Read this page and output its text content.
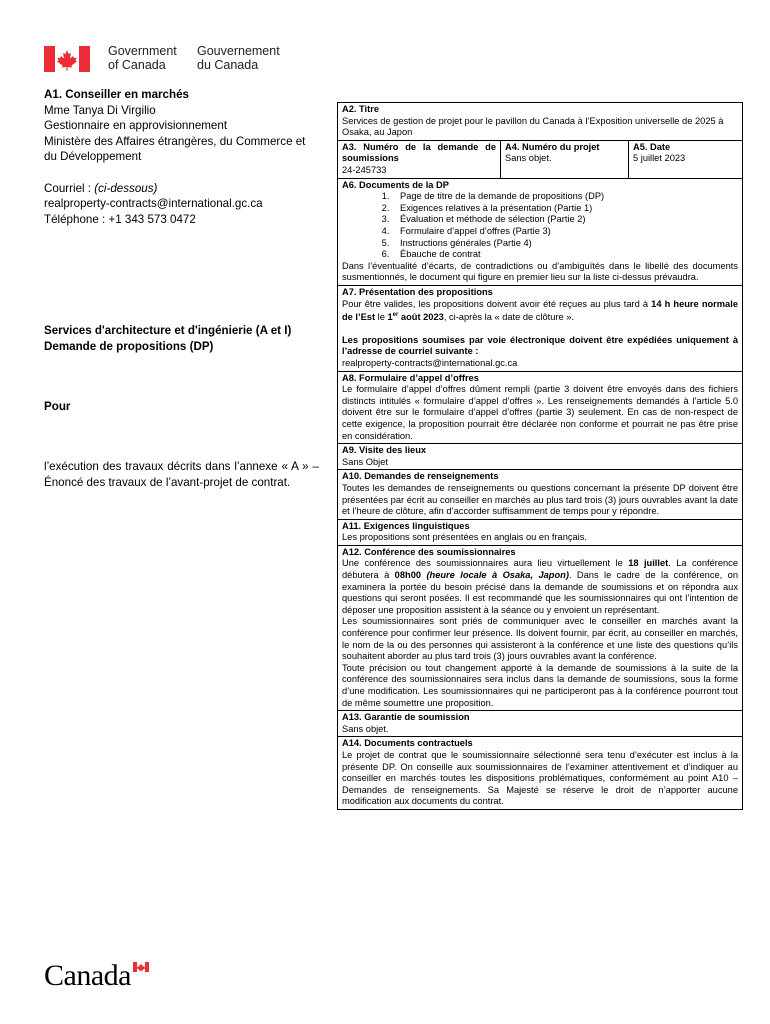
Government
of Canada
Gouvernement
du Canada

A1. Conseiller en marchés

Mme Tanya Di Virgilio

Gestionnaire en approvisionnement

Ministère des Affaires étrangères, du Commerce et du Développement

Courriel : (ci-dessous)

realproperty-contracts@international.gc.ca

Téléphone : +1 343 573 0472

Services d'architecture et d'ingénierie (A et I)

Demande de propositions (DP)

Pour

l’exécution des travaux décrits dans l’annexe « A » – Énoncé des travaux de l’avant-projet de contrat.

A2. Titre
Services de gestion de projet pour le pavillon du Canada à l’Exposition universelle de 2025 à Osaka, au Japon
A3. Numéro de la demande de soumissions
24-245733
A4. Numéro du projet
Sans objet.
A5. Date
5 juillet 2023
A6. Documents de la DP
1. Page de titre de la demande de propositions (DP)
2. Exigences relatives à la présentation (Partie 1)
3. Évaluation et méthode de sélection (Partie 2)
4. Formulaire d’appel d’offres (Partie 3)
5. Instructions générales (Partie 4)
6. Ébauche de contrat
Dans l’éventualité d’écarts, de contradictions ou d’ambiguïtés dans le libellé des documents susmentionnés, le document qui figure en premier lieu sur la liste ci-dessus prévaudra.
A7. Présentation des propositions
Pour être valides, les propositions doivent avoir été reçues au plus tard à 14 h heure normale de l’Est le 1er août 2023, ci-après la « date de clôture ».
Les propositions soumises par voie électronique doivent être expédiées uniquement à l’adresse de courriel suivante :
realproperty-contracts@international.gc.ca
A8. Formulaire d’appel d’offres
Le formulaire d’appel d’offres dûment rempli (partie 3 doivent être envoyés dans des fichiers distincts intitulés « formulaire d’appel d’offres ». Les renseignements demandés à l’article 5.0 doivent être sur le formulaire d’appel d’offres (partie 3) seulement. En cas de non-respect de cette exigence, la proposition pourrait être déclarée non conforme et pourrait ne pas être prise en considération.
A9. Visite des lieux
Sans Objet
A10. Demandes de renseignements
Toutes les demandes de renseignements ou questions concernant la présente DP doivent être présentées par écrit au conseiller en marchés au plus tard trois (3) jours ouvrables avant la date et l’heure de clôture, afin d’accorder suffisamment de temps pour y répondre.
A11. Exigences linguistiques
Les propositions sont présentées en anglais ou en français.
A12. Conférence des soumissionnaires
Une conférence des soumissionnaires aura lieu virtuellement le 18 juillet. La conférence débutera à 08h00 (heure locale à Osaka, Japon). Dans le cadre de la conférence, on examinera la portée du besoin précisé dans la demande de soumissions et on répondra aux questions qui seront posées. Il est recommandé que les soumissionnaires qui ont l’intention de déposer une proposition assistent à la séance ou y envoient un représentant.
Les soumissionnaires sont priés de communiquer avec le conseiller en marchés avant la conférence pour confirmer leur présence. Ils doivent fournir, par écrit, au conseiller en marchés, le nom de la ou des personnes qui assisteront à la conférence et une liste des questions qu’ils souhaitent aborder au plus tard trois (3) jours ouvrables avant la conférence.
Toute précision ou tout changement apporté à la demande de soumissions à la suite de la conférence des soumissionnaires sera inclus dans la demande de soumissions, sous la forme d’une modification. Les soumissionnaires qui ne participeront pas à la conférence pourront tout de même soumettre une proposition.
A13. Garantie de soumission
Sans objet.
A14. Documents contractuels
Le projet de contrat que le soumissionnaire sélectionné sera tenu d’exécuter est inclus à la présente DP. On conseille aux soumissionnaires de l’examiner attentivement et d’indiquer au conseiller en marchés toutes les dispositions problématiques, conformément au point A10 – Demandes de renseignements. Sa Majesté se réserve le droit de n’apporter aucune modification aux documents du contrat.
Canada
